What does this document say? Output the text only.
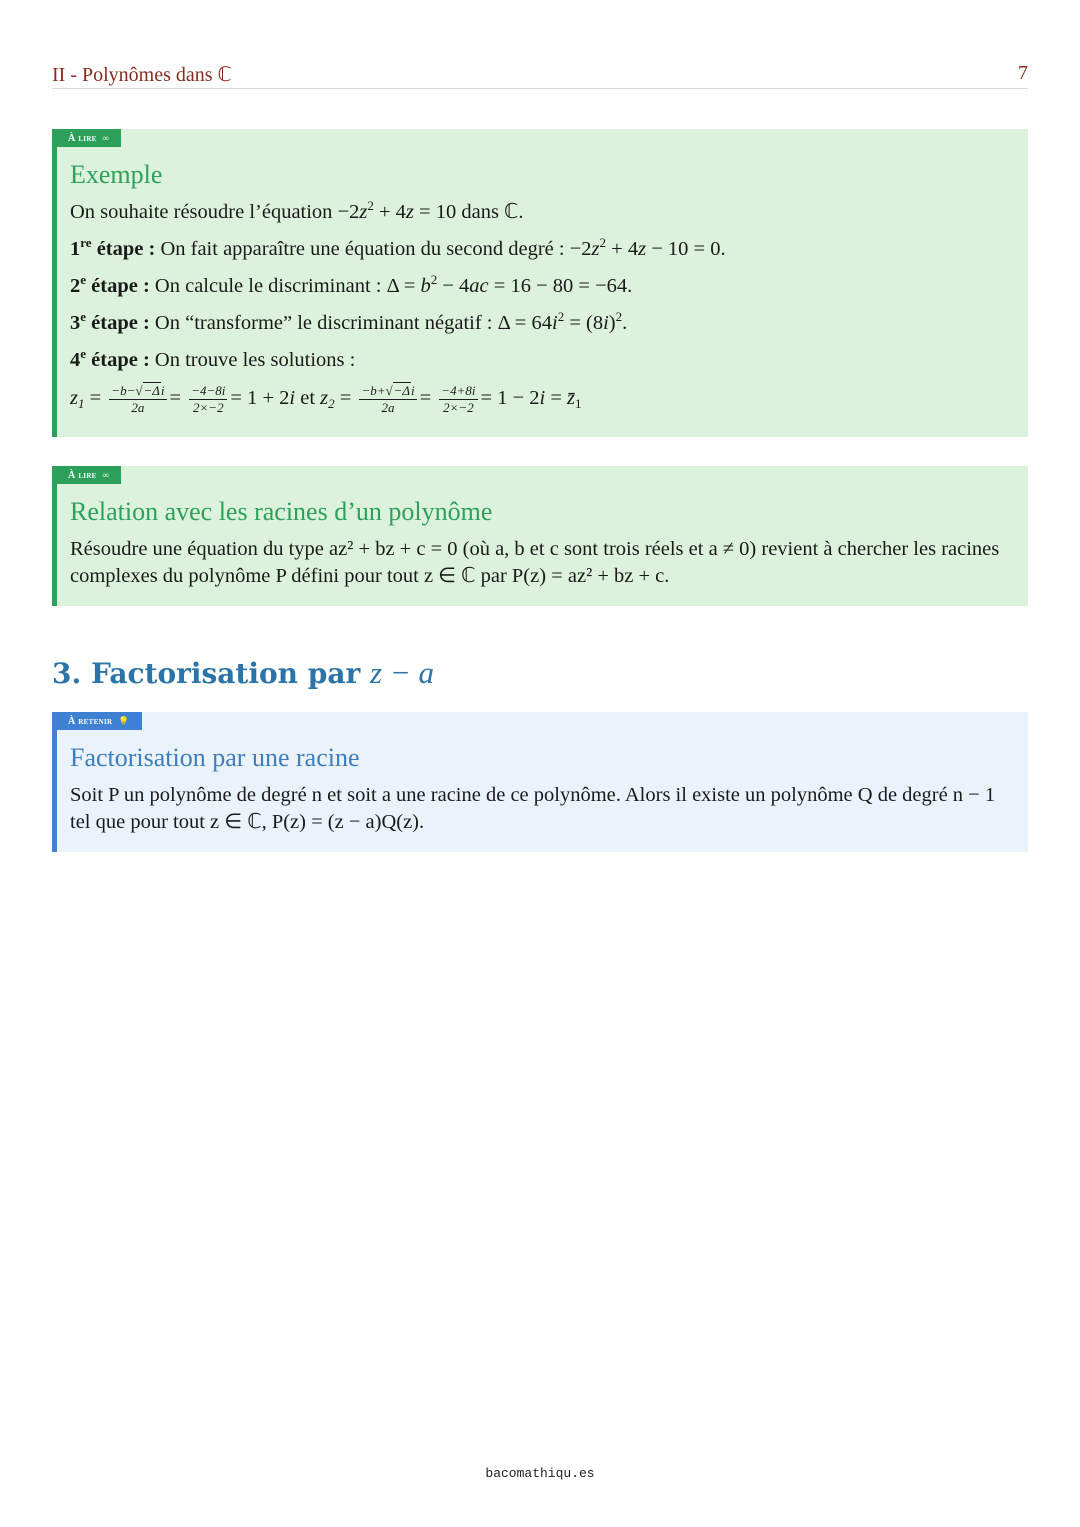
II - Polynômes dans ℂ	7
À lire ∞
Exemple
On souhaite résoudre l’équation $-2z^2 + 4z = 10$ dans ℂ.
1re étape : On fait apparaître une équation du second degré : $-2z^2 + 4z - 10 = 0$.
2e étape : On calcule le discriminant : $\Delta = b^2 - 4ac = 16 - 80 = -64$.
3e étape : On “transforme” le discriminant négatif : $\Delta = 64i^2 = (8i)^2$.
4e étape : On trouve les solutions :
$z_1 = \frac{-b-√-\Delta i}{2a} = \frac{-4-8i}{2\times-2} = 1 + 2i$ et $z_2 = \frac{-b+√-\Delta i}{2a} = \frac{-4+8i}{2\times-2} = 1 - 2i$ = $z̄_1$
À lire ∞
Relation avec les racines d’un polynôme

Résoudre une équation du type az² + bz + c = 0 (où a, b et c sont trois réels et a ≠ 0) revient à chercher les racines complexes du polynôme P défini pour tout z ∈ ℂ par P(z) = az² + bz + c.

3. Factorisation par z − a
À retenir 💡
Factorisation par une racine

Soit P un polynôme de degré n et soit a une racine de ce polynôme. Alors il existe un polynôme Q de degré n − 1 tel que pour tout z ∈ ℂ, P(z) = (z − a)Q(z).

bacomathiqu.es
